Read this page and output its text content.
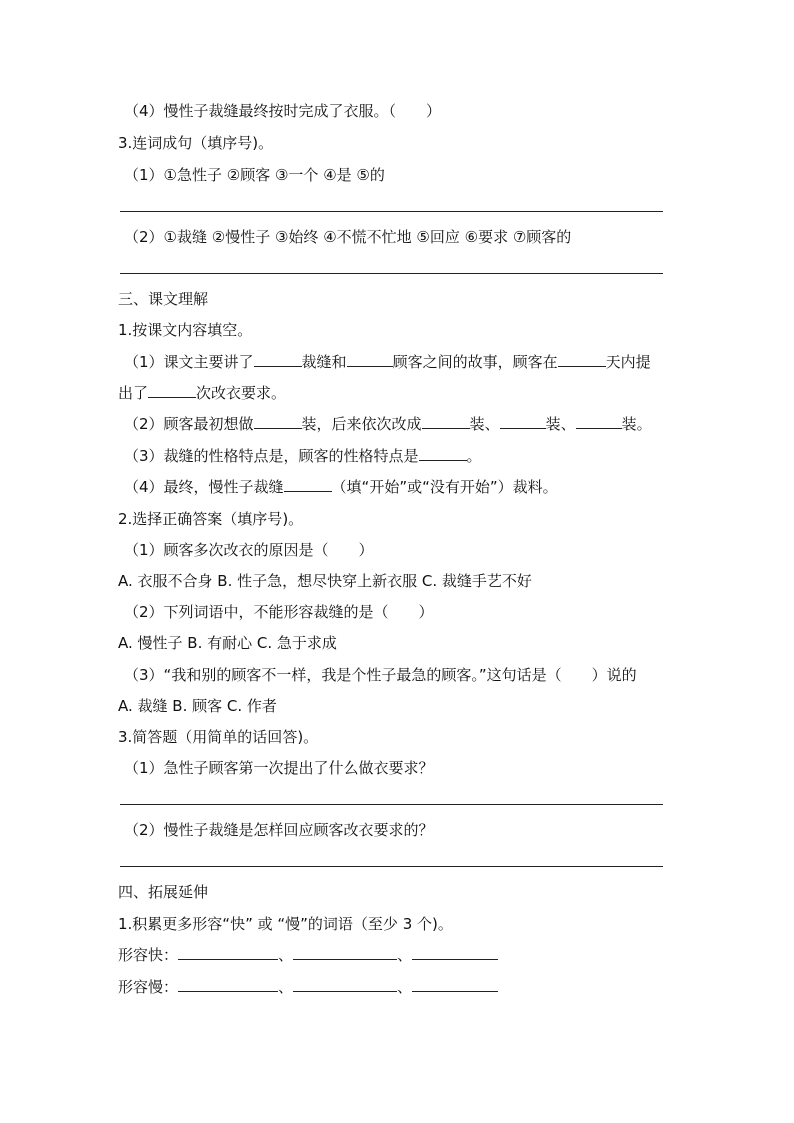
（4）慢性子裁缝最终按时完成了衣服。（　　）
3.连词成句（填序号)。
（1）①急性子 ②顾客 ③一个 ④是 ⑤的
（2）①裁缝 ②慢性子 ③始终 ④不慌不忙地 ⑤回应 ⑥要求 ⑦顾客的
三、课文理解
1.按课文内容填空。
（1）课文主要讲了	裁缝和	顾客之间的故事，顾客在	天内提
出了	次改衣要求。
（2）顾客最初想做	装，后来依次改成	装、	装、	装。
（3）裁缝的性格特点是，顾客的性格特点是	。
（4）最终，慢性子裁缝	（填“开始”或“没有开始”）裁料。
2.选择正确答案（填序号)。
（1）顾客多次改衣的原因是（　　）
A. 衣服不合身 B. 性子急，想尽快穿上新衣服 C. 裁缝手艺不好
（2）下列词语中，不能形容裁缝的是（　　）
A. 慢性子 B. 有耐心 C. 急于求成
（3）“我和别的顾客不一样，我是个性子最急的顾客。”这句话是（　　）说的
A. 裁缝 B. 顾客 C. 作者
3.简答题（用简单的话回答)。
（1）急性子顾客第一次提出了什么做衣要求？
（2）慢性子裁缝是怎样回应顾客改衣要求的？
四、拓展延伸
1.积累更多形容“快” 或 “慢”的词语（至少 3 个)。
形容快：	、	、
形容慢：	、	、
